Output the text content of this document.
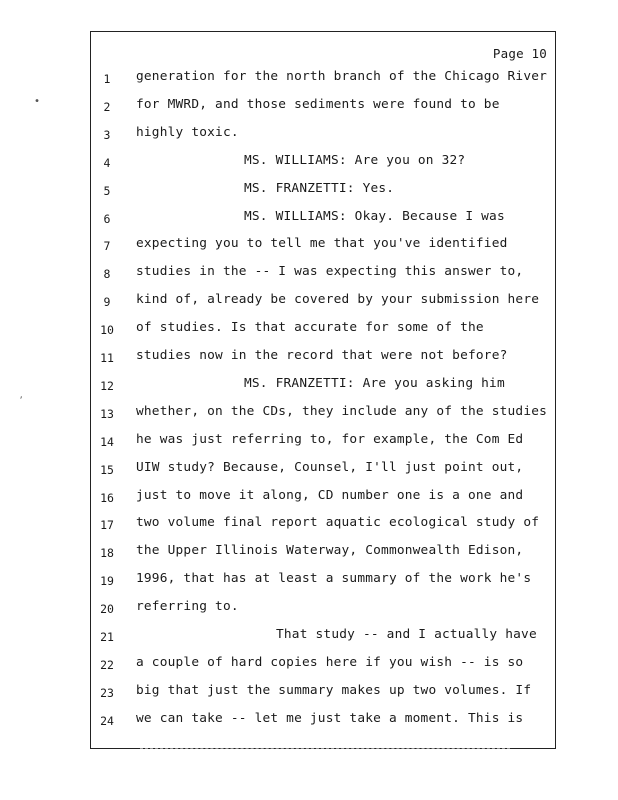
⸴
∙
Page 10
1	generation for the north branch of the Chicago River
2	for MWRD, and those sediments were found to be
3	highly toxic.
4	MS. WILLIAMS: Are you on 32?
5	MS. FRANZETTI: Yes.
6	MS. WILLIAMS: Okay. Because I was
7	expecting you to tell me that you've identified
8	studies in the -- I was expecting this answer to,
9	kind of, already be covered by your submission here
10 of studies. Is that accurate for some of the
11 studies now in the record that were not before?
12	MS. FRANZETTI: Are you asking him
13 whether, on the CDs, they include any of the studies
14 he was just referring to, for example, the Com Ed
15 UIW study? Because, Counsel, I'll just point out,
16 just to move it along, CD number one is a one and
17 two volume final report aquatic ecological study of
18 the Upper Illinois Waterway, Commonwealth Edison,
19 1996, that has at least a summary of the work he's
20 referring to.
21	That study -- and I actually have
22 a couple of hard copies here if you wish -- is so
23 big that just the summary makes up two volumes. If
24 we can take -- let me just take a moment. This is
